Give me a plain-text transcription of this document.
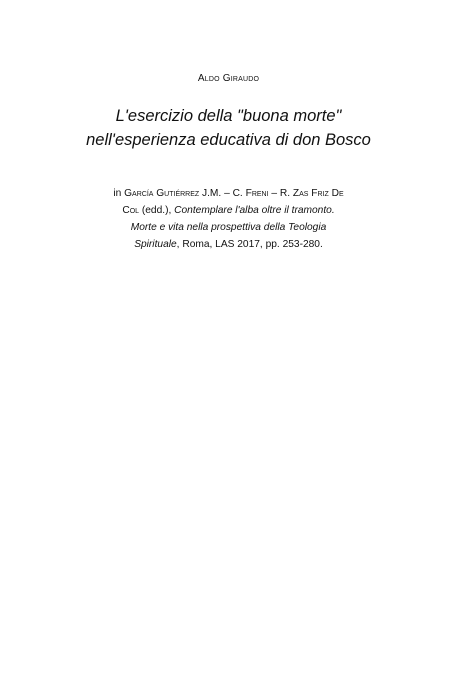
Aldo Giraudo
L'esercizio della "buona morte"
nell'esperienza educativa di don Bosco
in García Gutiérrez J.M. – C. Freni – R. Zas Friz De
Col (edd.), Contemplare l'alba oltre il tramonto.
Morte e vita nella prospettiva della Teologia
Spirituale, Roma, LAS 2017, pp. 253-280.
